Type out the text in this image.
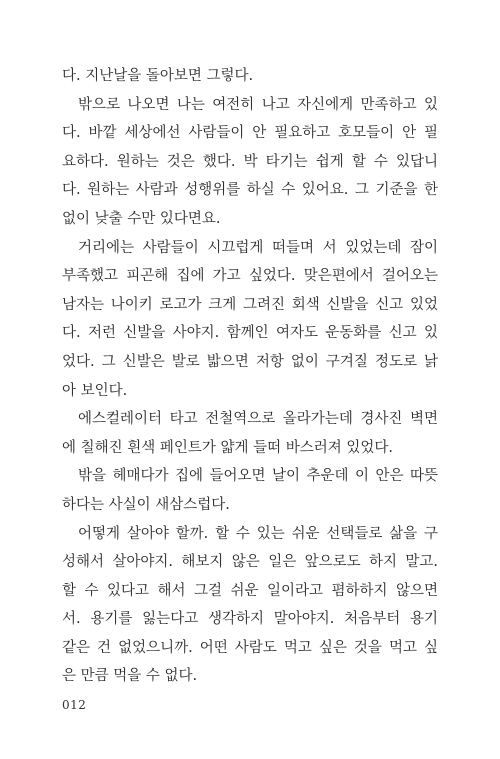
다. 지난날을 돌아보면 그렇다.
밖으로 나오면 나는 여전히 나고 자신에게 만족하고 있
다. 바깥 세상에선 사람들이 안 필요하고 호모들이 안 필
요하다. 원하는 것은 했다. 박 타기는 쉽게 할 수 있답니
다. 원하는 사람과 성행위를 하실 수 있어요. 그 기준을 한
없이 낮출 수만 있다면요.
거리에는 사람들이 시끄럽게 떠들며 서 있었는데 잠이
부족했고 피곤해 집에 가고 싶었다. 맞은편에서 걸어오는
남자는 나이키 로고가 크게 그려진 회색 신발을 신고 있었
다. 저런 신발을 사야지. 함께인 여자도 운동화를 신고 있
었다. 그 신발은 발로 밟으면 저항 없이 구겨질 정도로 낡
아 보인다.
에스컬레이터 타고 전철역으로 올라가는데 경사진 벽면
에 칠해진 흰색 페인트가 얇게 들떠 바스러져 있었다.
밖을 헤매다가 집에 들어오면 날이 추운데 이 안은 따뜻
하다는 사실이 새삼스럽다.
어떻게 살아야 할까. 할 수 있는 쉬운 선택들로 삶을 구
성해서 살아야지. 해보지 않은 일은 앞으로도 하지 말고.
할 수 있다고 해서 그걸 쉬운 일이라고 폄하하지 않으면
서. 용기를 잃는다고 생각하지 말아야지. 처음부터 용기
같은 건 없었으니까. 어떤 사람도 먹고 싶은 것을 먹고 싶
은 만큼 먹을 수 없다.
012
